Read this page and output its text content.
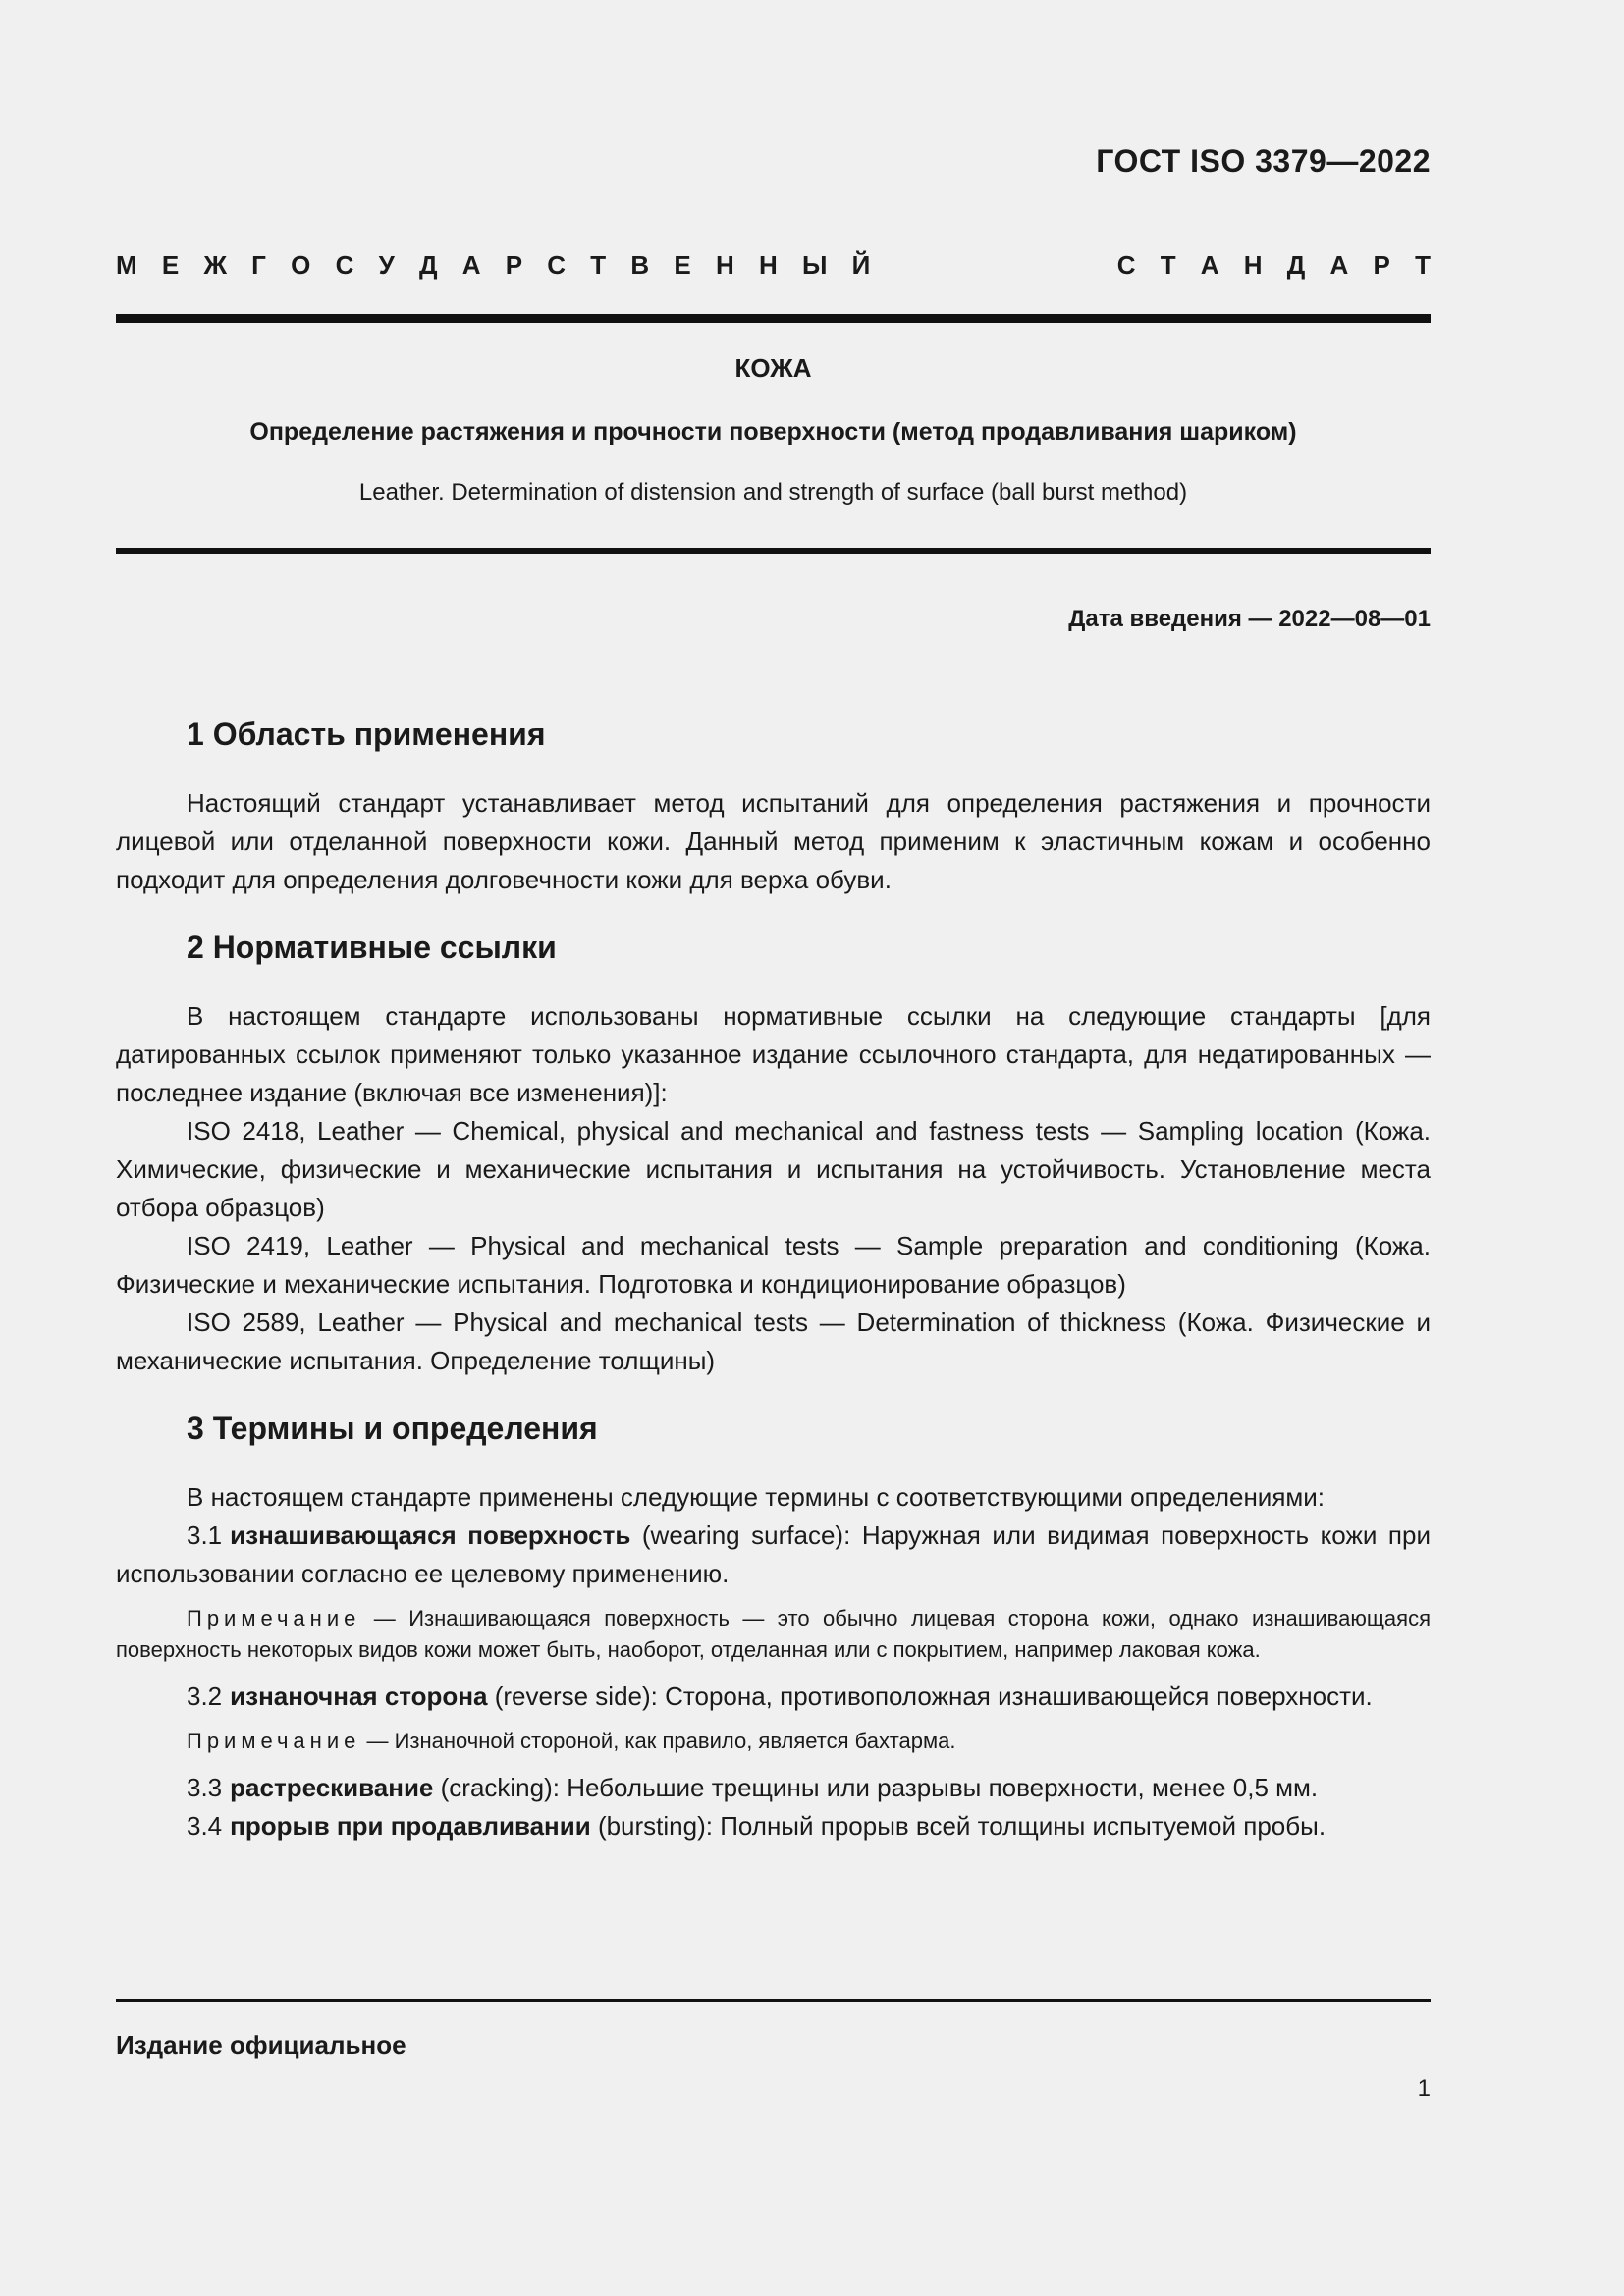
ГОСТ ISO 3379—2022
М Е Ж Г О С У Д А Р С Т В Е Н Н Ы Й	С Т А Н Д А Р Т
КОЖА
Определение растяжения и прочности поверхности (метод продавливания шариком)
Leather. Determination of distension and strength of surface (ball burst method)
Дата введения — 2022—08—01
1 Область применения

Настоящий стандарт устанавливает метод испытаний для определения растяжения и прочности лицевой или отделанной поверхности кожи. Данный метод применим к эластичным кожам и особенно подходит для определения долговечности кожи для верха обуви.

2 Нормативные ссылки

В настоящем стандарте использованы нормативные ссылки на следующие стандарты [для датированных ссылок применяют только указанное издание ссылочного стандарта, для недатированных — последнее издание (включая все изменения)]:

ISO 2418, Leather — Chemical, physical and mechanical and fastness tests — Sampling location (Кожа. Химические, физические и механические испытания и испытания на устойчивость. Установление места отбора образцов)

ISO 2419, Leather — Physical and mechanical tests — Sample preparation and conditioning (Кожа. Физические и механические испытания. Подготовка и кондиционирование образцов)

ISO 2589, Leather — Physical and mechanical tests — Determination of thickness (Кожа. Физические и механические испытания. Определение толщины)

3 Термины и определения

В настоящем стандарте применены следующие термины с соответствующими определениями:

3.1 изнашивающаяся поверхность (wearing surface): Наружная или видимая поверхность кожи при использовании согласно ее целевому применению.

Примечание — Изнашивающаяся поверхность — это обычно лицевая сторона кожи, однако изнашивающаяся поверхность некоторых видов кожи может быть, наоборот, отделанная или с покрытием, например лаковая кожа.

3.2 изнаночная сторона (reverse side): Сторона, противоположная изнашивающейся поверхности.

Примечание — Изнаночной стороной, как правило, является бахтарма.

3.3 растрескивание (cracking): Небольшие трещины или разрывы поверхности, менее 0,5 мм.

3.4 прорыв при продавливании (bursting): Полный прорыв всей толщины испытуемой пробы.

Издание официальное
1
